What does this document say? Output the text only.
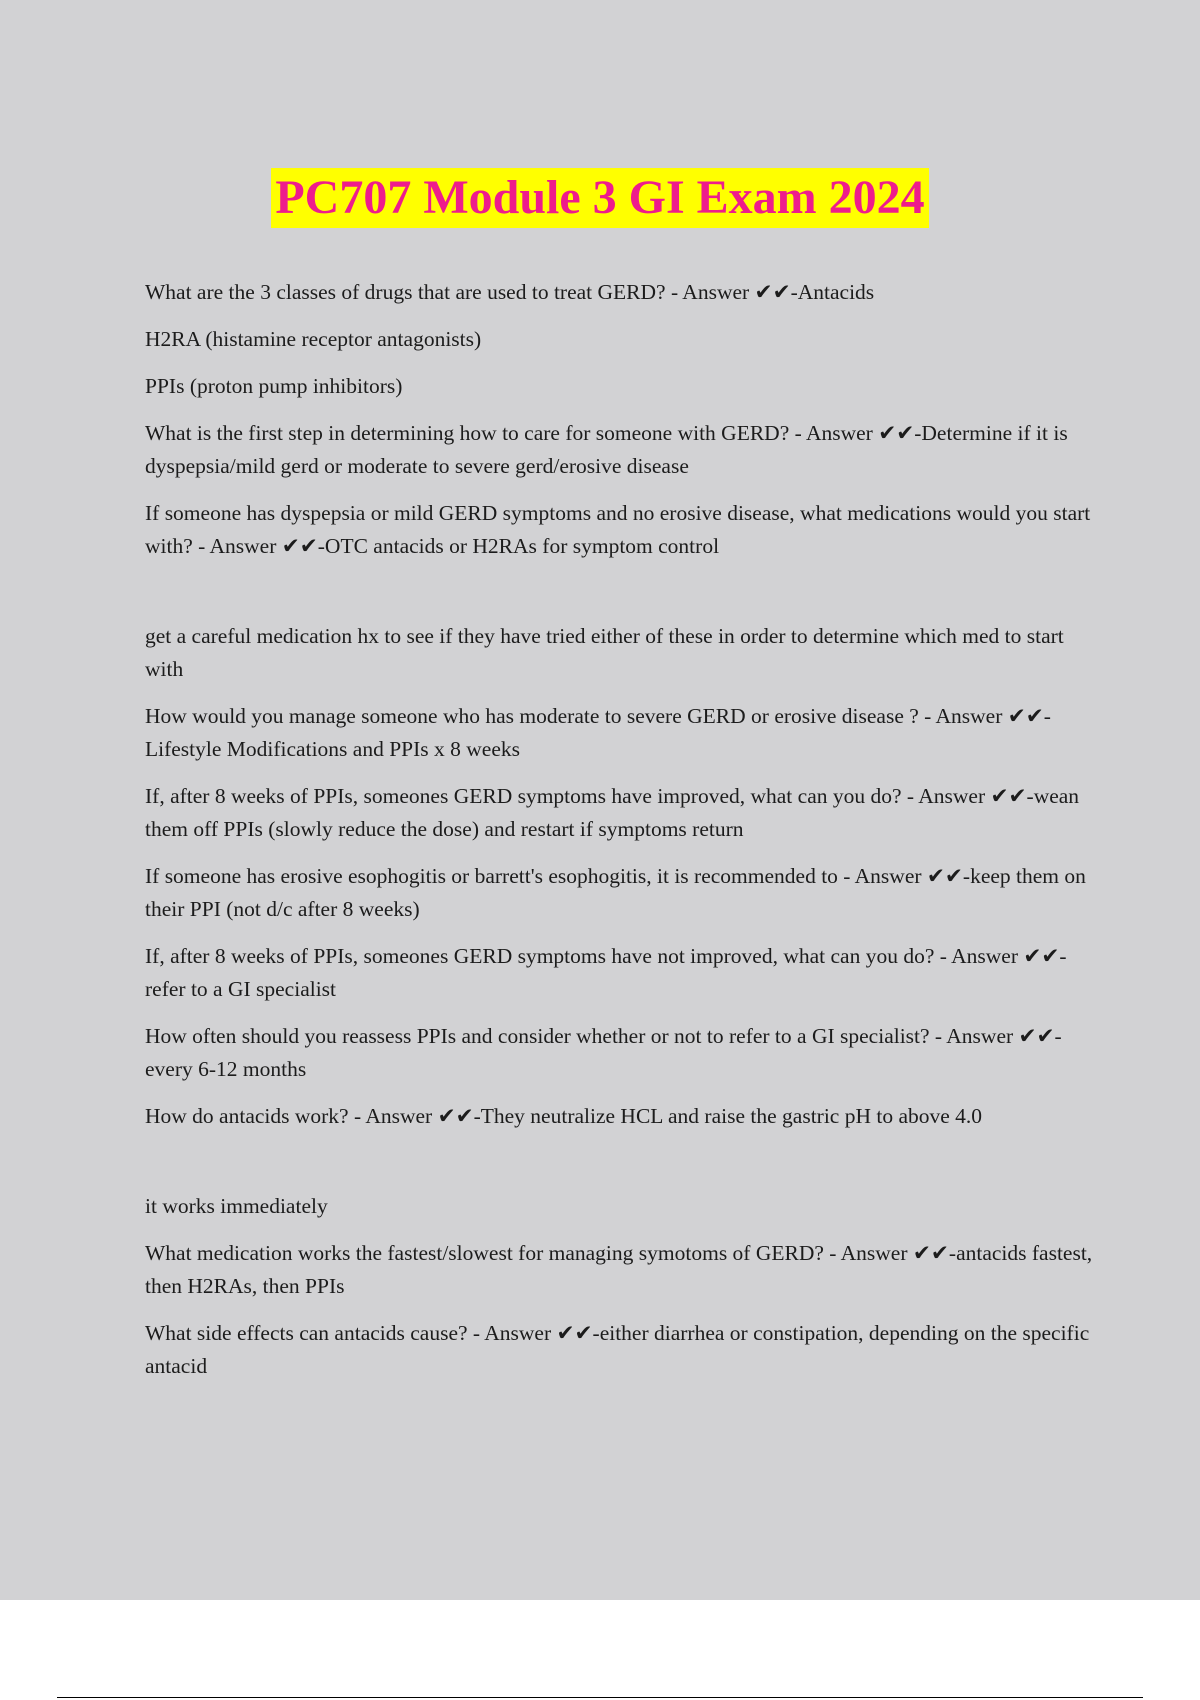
PC707 Module 3 GI Exam 2024

What are the 3 classes of drugs that are used to treat GERD? - Answer ✔✔-Antacids

H2RA (histamine receptor antagonists)

PPIs (proton pump inhibitors)

What is the first step in determining how to care for someone with GERD? - Answer ✔✔-Determine if it is dyspepsia/mild gerd or moderate to severe gerd/erosive disease

If someone has dyspepsia or mild GERD symptoms and no erosive disease, what medications would you start with? - Answer ✔✔-OTC antacids or H2RAs for symptom control

get a careful medication hx to see if they have tried either of these in order to determine which med to start with

How would you manage someone who has moderate to severe GERD or erosive disease ? - Answer ✔✔-Lifestyle Modifications and PPIs x 8 weeks

If, after 8 weeks of PPIs, someones GERD symptoms have improved, what can you do? - Answer ✔✔-wean them off PPIs (slowly reduce the dose) and restart if symptoms return

If someone has erosive esophogitis or barrett's esophogitis, it is recommended to - Answer ✔✔-keep them on their PPI (not d/c after 8 weeks)

If, after 8 weeks of PPIs, someones GERD symptoms have not improved, what can you do? - Answer ✔✔-refer to a GI specialist

How often should you reassess PPIs and consider whether or not to refer to a GI specialist? - Answer ✔✔-every 6-12 months

How do antacids work? - Answer ✔✔-They neutralize HCL and raise the gastric pH to above 4.0

it works immediately

What medication works the fastest/slowest for managing symotoms of GERD? - Answer ✔✔-antacids fastest, then H2RAs, then PPIs

What side effects can antacids cause? - Answer ✔✔-either diarrhea or constipation, depending on the specific antacid
